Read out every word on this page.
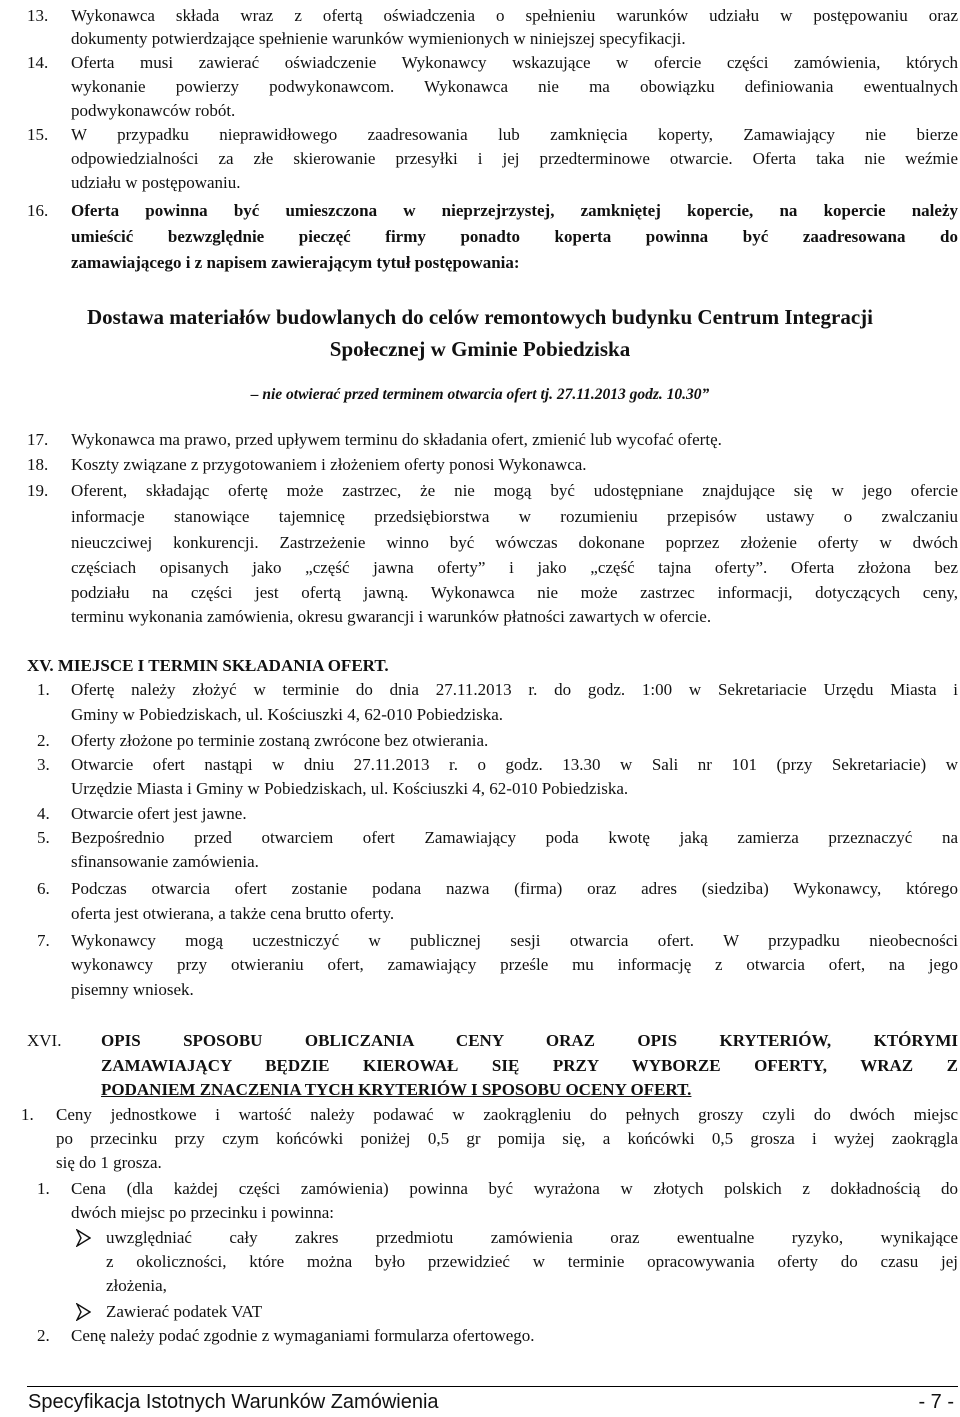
13. Wykonawca składa wraz z ofertą oświadczenia o spełnieniu warunków udziału w postępowaniu oraz
dokumenty potwierdzające spełnienie warunków wymienionych w niniejszej specyfikacji.
14. Oferta musi zawierać oświadczenie Wykonawcy wskazujące w ofercie części zamówienia, których
wykonanie powierzy podwykonawcom. Wykonawca nie ma obowiązku definiowania ewentualnych
podwykonawców robót.
15. W przypadku nieprawidłowego zaadresowania lub zamknięcia koperty, Zamawiający nie bierze
odpowiedzialności za złe skierowanie przesyłki i jej przedterminowe otwarcie. Oferta taka nie weźmie
udziału w postępowaniu.
16. Oferta powinna być umieszczona w nieprzejrzystej, zamkniętej kopercie, na kopercie należy
umieścić bezwzględnie pieczęć firmy ponadto koperta powinna być zaadresowana do
zamawiającego i z napisem zawierającym tytuł postępowania:
Dostawa materiałów budowlanych do celów remontowych budynku Centrum Integracji
Społecznej w Gminie Pobiedziska
– nie otwierać przed terminem otwarcia ofert tj. 27.11.2013 godz. 10.30”
17. Wykonawca ma prawo, przed upływem terminu do składania ofert, zmienić lub wycofać ofertę.
18. Koszty związane z przygotowaniem i złożeniem oferty ponosi Wykonawca.
19. Oferent, składając ofertę może zastrzec, że nie mogą być udostępniane znajdujące się w jego ofercie
informacje stanowiące tajemnicę przedsiębiorstwa w rozumieniu przepisów ustawy o zwalczaniu
nieuczciwej konkurencji. Zastrzeżenie winno być wówczas dokonane poprzez złożenie oferty w dwóch
częściach opisanych jako „część jawna oferty” i jako „część tajna oferty”. Oferta złożona bez
podziału na części jest ofertą jawną. Wykonawca nie może zastrzec informacji, dotyczących ceny,
terminu wykonania zamówienia, okresu gwarancji i warunków płatności zawartych w ofercie.
XV. MIEJSCE I TERMIN SKŁADANIA OFERT.
1. Ofertę należy złożyć w terminie do dnia 27.11.2013 r. do godz. 1:00 w Sekretariacie Urzędu Miasta i
Gminy w Pobiedziskach, ul. Kościuszki 4, 62-010 Pobiedziska.
2. Oferty złożone po terminie zostaną zwrócone bez otwierania.
3. Otwarcie ofert nastąpi w dniu 27.11.2013 r. o godz. 13.30 w Sali nr 101 (przy Sekretariacie) w
Urzędzie Miasta i Gminy w Pobiedziskach, ul. Kościuszki 4, 62-010 Pobiedziska.
4. Otwarcie ofert jest jawne.
5. Bezpośrednio przed otwarciem ofert Zamawiający poda kwotę jaką zamierza przeznaczyć na
sfinansowanie zamówienia.
6. Podczas otwarcia ofert zostanie podana nazwa (firma) oraz adres (siedziba) Wykonawcy, którego
oferta jest otwierana, a także cena brutto oferty.
7. Wykonawcy mogą uczestniczyć w publicznej sesji otwarcia ofert. W przypadku nieobecności
wykonawcy przy otwieraniu ofert, zamawiający prześle mu informację z otwarcia ofert, na jego
pisemny wniosek.
XVI. OPIS SPOSOBU OBLICZANIA CENY ORAZ OPIS KRYTERIÓW, KTÓRYMI
ZAMAWIAJĄCY BĘDZIE KIEROWAŁ SIĘ PRZY WYBORZE OFERTY, WRAZ Z
PODANIEM ZNACZENIA TYCH KRYTERIÓW I SPOSOBU OCENY OFERT.
1. Ceny jednostkowe i wartość należy podawać w zaokrągleniu do pełnych groszy czyli do dwóch miejsc
po przecinku przy czym końcówki poniżej 0,5 gr pomija się, a końcówki 0,5 grosza i wyżej zaokrągla
się do 1 grosza.
1. Cena (dla każdej części zamówienia) powinna być wyrażona w złotych polskich z dokładnością do
dwóch miejsc po przecinku i powinna:
uwzględniać cały zakres przedmiotu zamówienia oraz ewentualne ryzyko, wynikające
z okoliczności, które można było przewidzieć w terminie opracowywania oferty do czasu jej
złożenia,
Zawierać podatek VAT
2. Cenę należy podać zgodnie z wymaganiami formularza ofertowego.
Specyfikacja Istotnych Warunków Zamówienia	- 7 -
